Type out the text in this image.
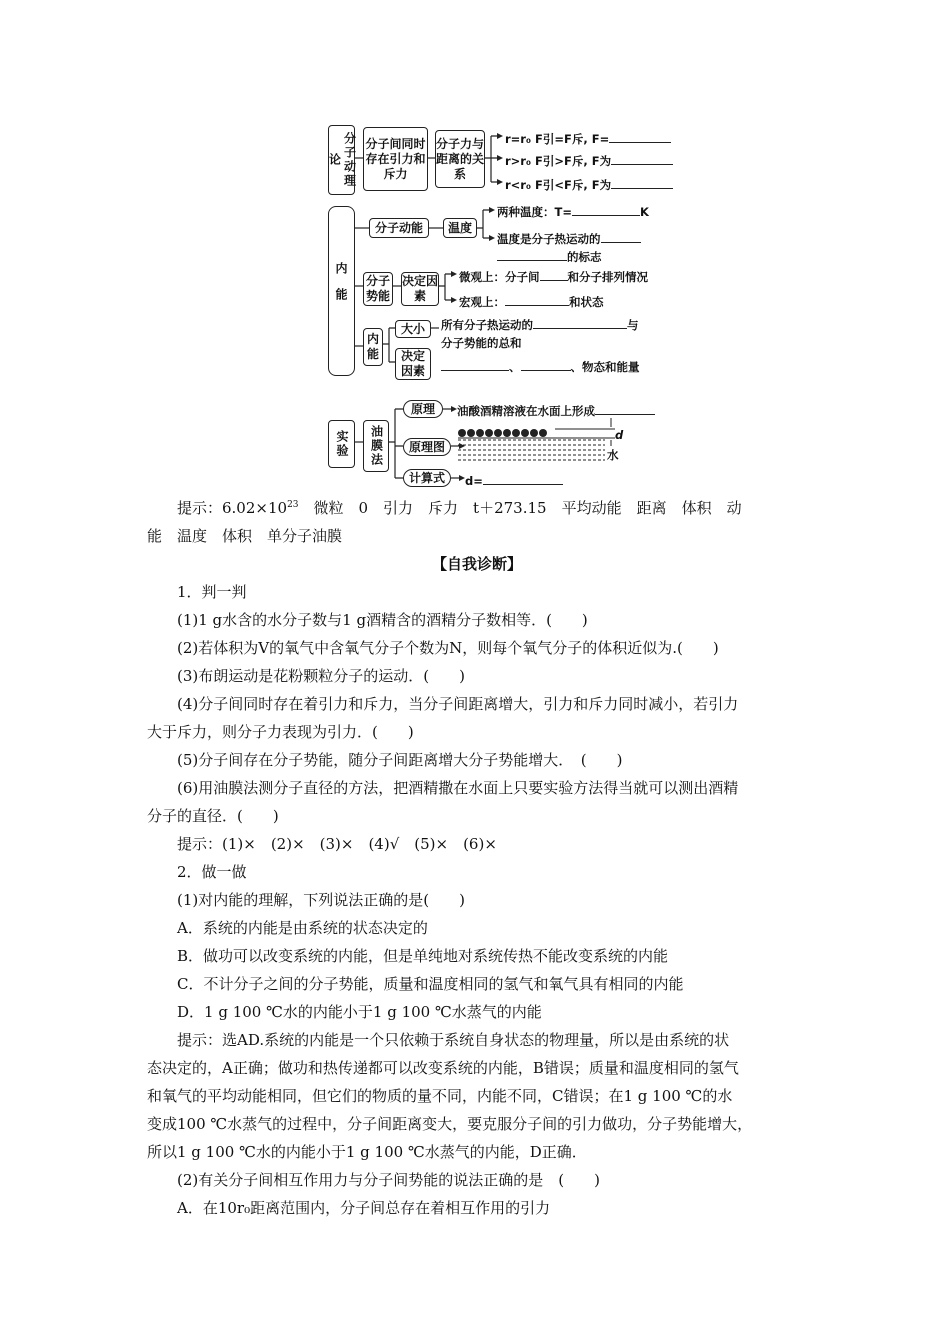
分子动理论
分子间同时存在引力和斥力
分子力与距离的关系
r=r₀ F引=F斥, F=
r>r₀ F引>F斥, F为
r<r₀ F引<F斥, F为
内能
分子动能	温度
两种温度：T=	K
温度是分子热运动的
的标志
分子势能
决定因素
微观上：分子间 和分子排列情况
宏观上：	和状态
内能
大小	所有分子热运动的	与
分子势能的总和
决定因素	、	、物态和能量
实验	油膜法
原理	油酸酒精溶液在水面上形成
原理图
d
水
计算式	d=
提示：$6.02\times 10^{23}$　微粒　0　引力　斥力　t＋273.15　平均动能　距离　体积　动
能　温度　体积　单分子油膜
【自我诊断】
1．判一判
(1)1 g水含的水分子数与1 g酒精含的酒精分子数相等．(　　)
(2)若体积为V的氧气中含氧气分子个数为N，则每个氧气分子的体积近似为.(　　)
(3)布朗运动是花粉颗粒分子的运动．(　　)
(4)分子间同时存在着引力和斥力，当分子间距离增大，引力和斥力同时减小，若引力
大于斥力，则分子力表现为引力．(　　)
(5)分子间存在分子势能，随分子间距离增大分子势能增大．　(　　)
(6)用油膜法测分子直径的方法，把酒精撒在水面上只要实验方法得当就可以测出酒精
分子的直径．(　　)
提示：(1)×　(2)×　(3)×　(4)√　(5)×　(6)×
2．做一做
(1)对内能的理解，下列说法正确的是(　　)
A．系统的内能是由系统的状态决定的
B．做功可以改变系统的内能，但是单纯地对系统传热不能改变系统的内能
C．不计分子之间的分子势能，质量和温度相同的氢气和氧气具有相同的内能
D．1 g 100 ℃水的内能小于1 g 100 ℃水蒸气的内能
提示：选AD.系统的内能是一个只依赖于系统自身状态的物理量，所以是由系统的状
态决定的，A正确；做功和热传递都可以改变系统的内能，B错误；质量和温度相同的氢气
和氧气的平均动能相同，但它们的物质的量不同，内能不同，C错误；在1 g 100 ℃的水
变成100 ℃水蒸气的过程中，分子间距离变大，要克服分子间的引力做功，分子势能增大，
所以1 g 100 ℃水的内能小于1 g 100 ℃水蒸气的内能，D正确．
(2)有关分子间相互作用力与分子间势能的说法正确的是　(　　)
A．在10r₀距离范围内，分子间总存在着相互作用的引力
